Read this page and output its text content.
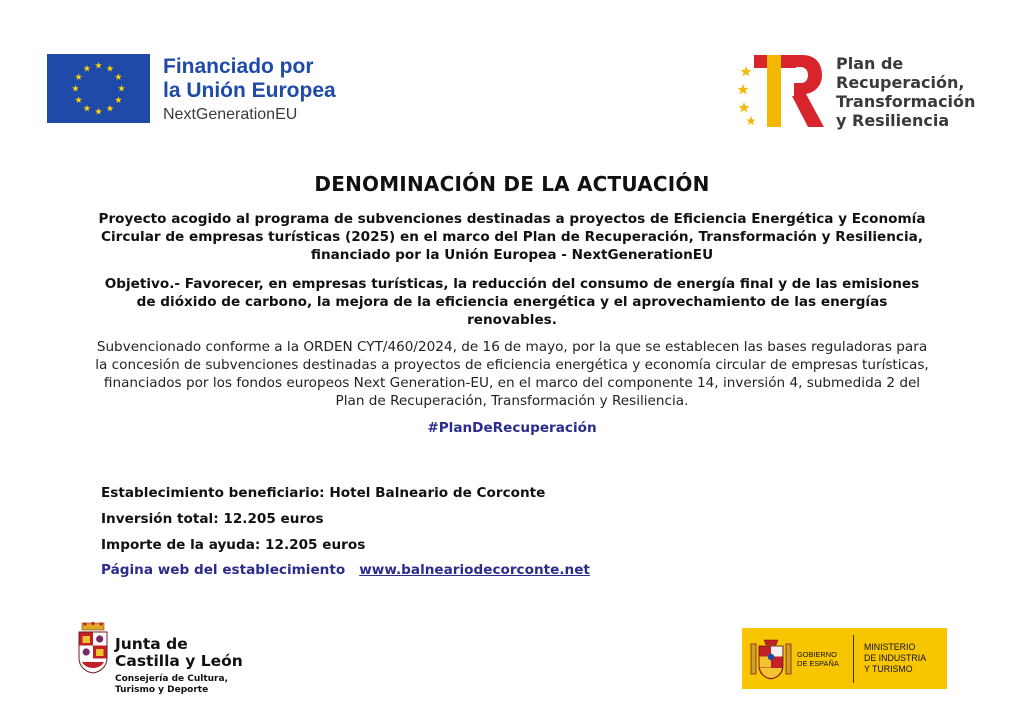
Financiado por
la Unión Europea
NextGenerationEU
Plan de
Recuperación,
Transformación
y Resiliencia
DENOMINACIÓN DE LA ACTUACIÓN
Proyecto acogido al programa de subvenciones destinadas a proyectos de Eficiencia Energética y Economía Circular de empresas turísticas (2025) en el marco del Plan de Recuperación, Transformación y Resiliencia, financiado por la Unión Europea - NextGenerationEU
Objetivo.- Favorecer, en empresas turísticas, la reducción del consumo de energía final y de las emisiones de dióxido de carbono, la mejora de la eficiencia energética y el aprovechamiento de las energías renovables.
Subvencionado conforme a la ORDEN CYT/460/2024, de 16 de mayo, por la que se establecen las bases reguladoras para la concesión de subvenciones destinadas a proyectos de eficiencia energética y economía circular de empresas turísticas, financiados por los fondos europeos Next Generation-EU, en el marco del componente 14, inversión 4, submedida 2 del Plan de Recuperación, Transformación y Resiliencia.
#PlanDeRecuperación
Establecimiento beneficiario: Hotel Balneario de Corconte
Inversión total: 12.205 euros
Importe de la ayuda: 12.205 euros
Página web del establecimiento www.balneariodecorconte.net
Junta de
Castilla y León
Consejería de Cultura,
Turismo y Deporte
GOBIERNO
DE ESPAÑA
MINISTERIO
DE INDUSTRIA
Y TURISMO
